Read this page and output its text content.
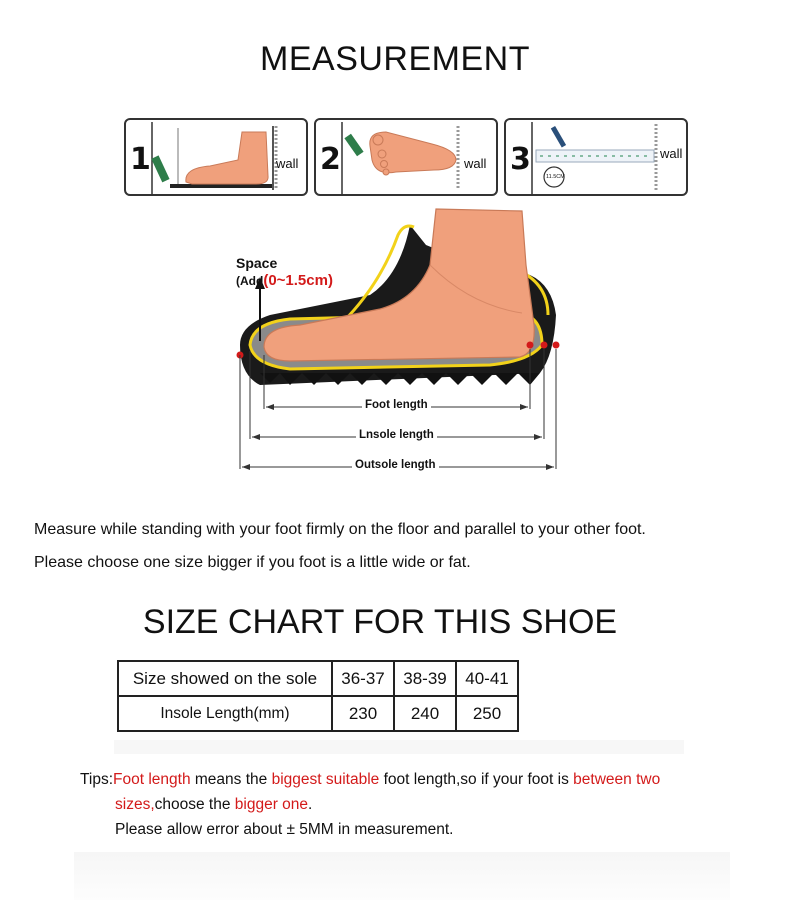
MEASUREMENT
1	wall 2	wall 3	wall
11.5CM
Space
(Add(0~1.5cm)
Foot length
Lnsole length
Outsole length
Measure while standing with your foot firmly on the floor and parallel to your other foot.
Please choose one size bigger if you foot is a little wide or fat.
SIZE CHART FOR THIS SHOE
Size showed on the sole	36-37	38-39	40-41
Insole Length(mm)	230	240	250
Tips:Foot length means the biggest suitable foot length,so if your foot is between two
sizes,choose the bigger one.
Please allow error about ± 5MM in measurement.
